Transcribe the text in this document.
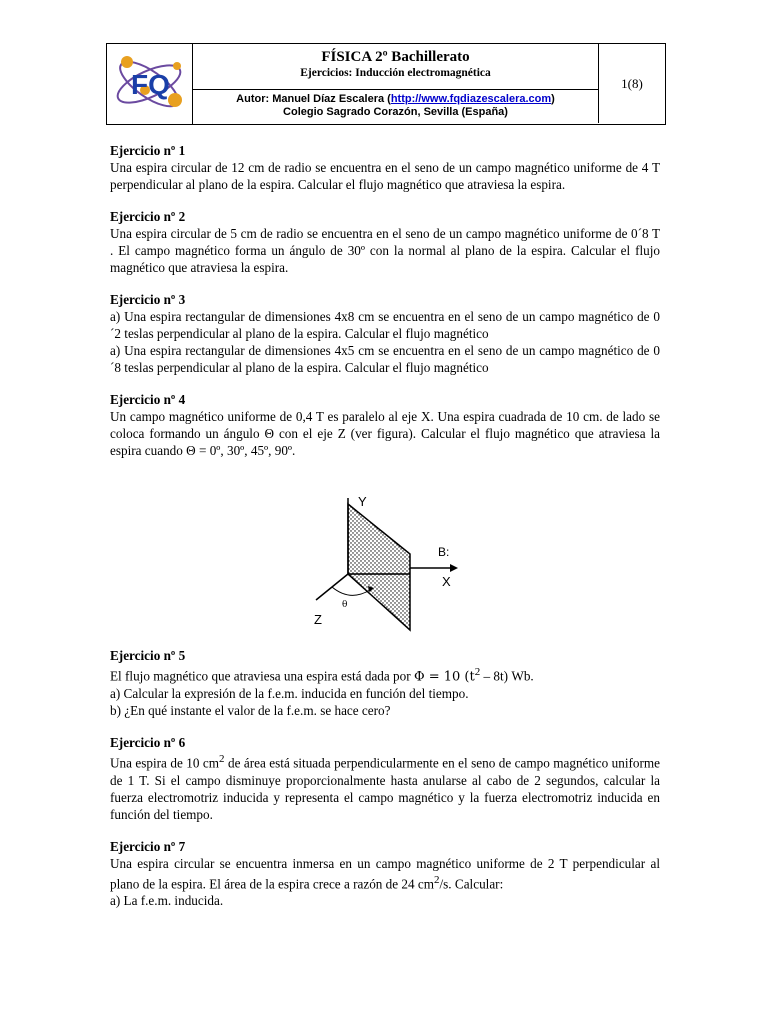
FQ
FÍSICA 2º Bachillerato
Ejercicios: Inducción electromagnética
Autor: Manuel Díaz Escalera (http://www.fqdiazescalera.com)
Colegio Sagrado Corazón, Sevilla (España)
1(8)
Ejercicio nº 1

Una espira circular de 12 cm de radio se encuentra en el seno de un campo magnético uniforme de 4 T perpendicular al plano de la espira. Calcular el flujo magnético que atraviesa la espira.

Ejercicio nº 2

Una espira circular de 5 cm de radio se encuentra en el seno de un campo magnético uniforme de 0´8 T . El campo magnético forma un ángulo de 30º con la normal al plano de la espira. Calcular el flujo magnético que atraviesa la espira.

Ejercicio nº 3

a) Una espira rectangular de dimensiones 4x8 cm se encuentra en el seno de un campo magnético de 0´2 teslas perpendicular al plano de la espira. Calcular el flujo magnético

a) Una espira rectangular de dimensiones 4x5 cm se encuentra en el seno de un campo magnético de 0´8 teslas perpendicular al plano de la espira. Calcular el flujo magnético

Ejercicio nº 4

Un campo magnético uniforme de 0,4 T es paralelo al eje X. Una espira cuadrada de 10 cm. de lado se coloca formando un ángulo Θ con el eje Z (ver figura). Calcular el flujo magnético que atraviesa la espira cuando Θ = 0º, 30º, 45º, 90º.

Ejercicio nº 5

El flujo magnético que atraviesa una espira está dada por Φ = 10 $(t^2 - 8t)$ Wb.

a) Calcular la expresión de la f.e.m. inducida en función del tiempo.

b) ¿En qué instante el valor de la f.e.m. se hace cero?

Ejercicio nº 6

Una espira de 10 $cm^2$ de área está situada perpendicularmente en el seno de campo magnético uniforme de 1 T. Si el campo disminuye proporcionalmente hasta anularse al cabo de 2 segundos, calcular la fuerza electromotriz inducida y representa el campo magnético y la fuerza electromotriz inducida en función del tiempo.

Ejercicio nº 7

Una espira circular se encuentra inmersa en un campo magnético uniforme de 2 T perpendicular al plano de la espira. El área de la espira crece a razón de 24 $cm^2/s$. Calcular:

a) La f.e.m. inducida.

Y
B:
X
Z
θ
